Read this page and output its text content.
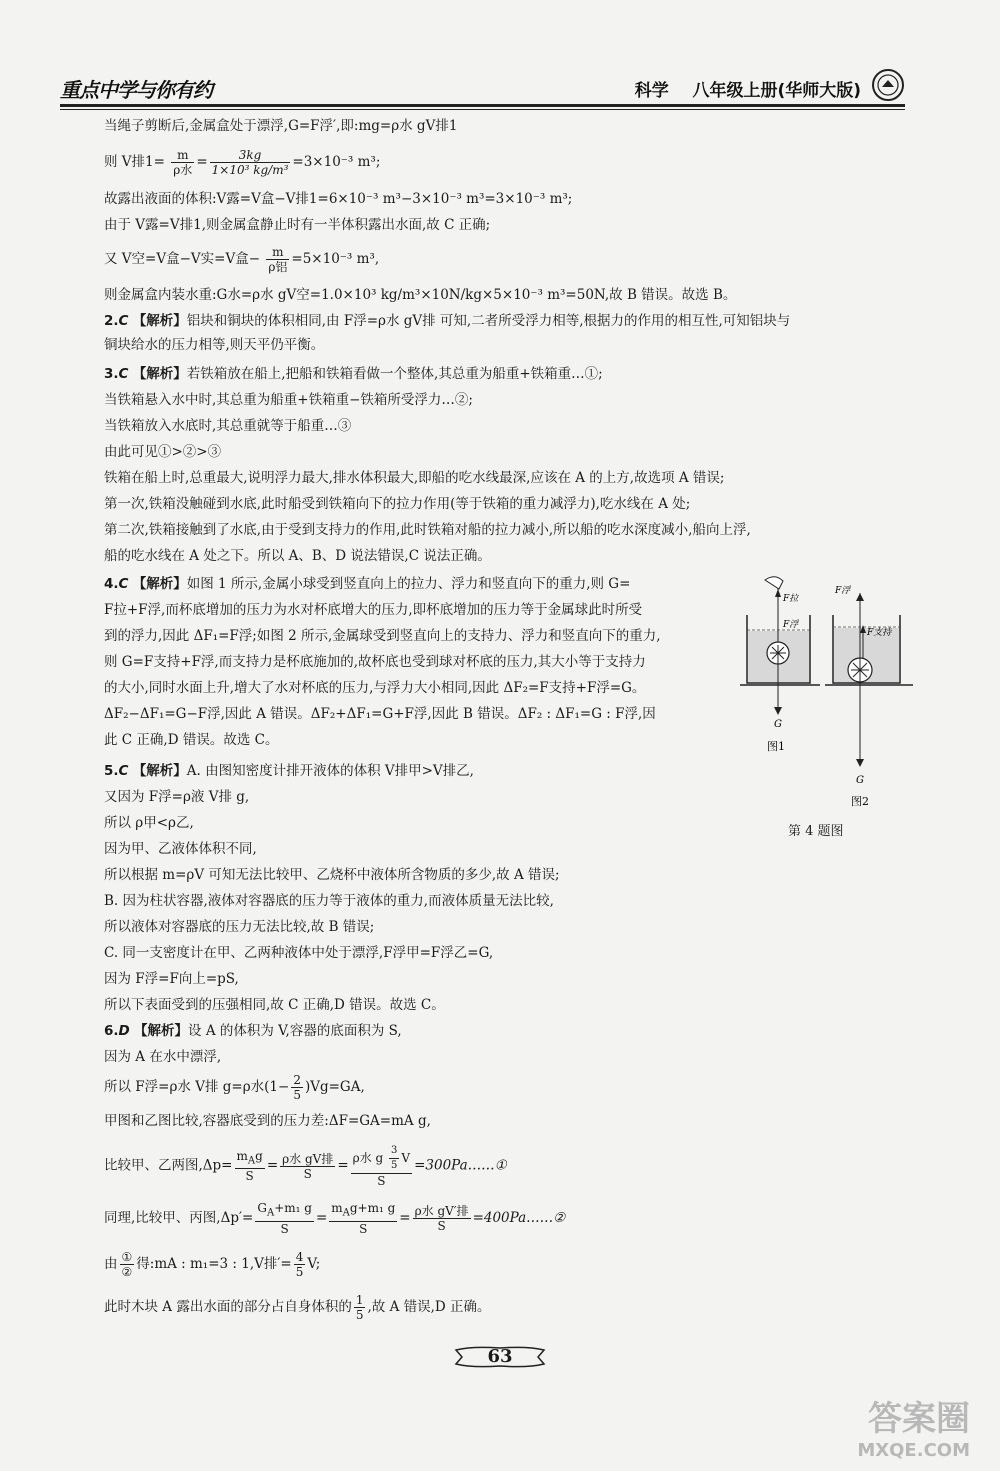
重点中学与你有约	科学 八年级上册(华师大版)
当绳子剪断后,金属盒处于漂浮,G=F浮′,即:mg=ρ水 gV排1
则 V排$1= \frac{m}{\text{ρ水}} = \frac{3kg}{\text{1×10³ kg/m³}} =3\times 10^{-3}$ m³;
故露出液面的体积:V露=V盒−V排1=6×10⁻³ m³−3×10⁻³ m³=3×10⁻³ m³;
由于 V露=V排1,则金属盒静止时有一半体积露出水面,故 C 正确;
又 V空=V盒−V实=V盒− $\frac{m}{\text{ρ铝}} =5\times 10^{-3}$ m³,
则金属盒内装水重:G水=ρ水 gV空=1.0×10³ kg/m³×10N/kg×5×10⁻³ m³=50N,故 B 错误。故选 B。
2.C 【解析】铝块和铜块的体积相同,由 F浮=ρ水 gV排 可知,二者所受浮力相等,根据力的作用的相互性,可知铝块与
铜块给水的压力相等,则天平仍平衡。
3.C 【解析】若铁箱放在船上,把船和铁箱看做一个整体,其总重为船重+铁箱重…①;
当铁箱悬入水中时,其总重为船重+铁箱重−铁箱所受浮力…②;
当铁箱放入水底时,其总重就等于船重…③
由此可见①>②>③
铁箱在船上时,总重最大,说明浮力最大,排水体积最大,即船的吃水线最深,应该在 A 的上方,故选项 A 错误;
第一次,铁箱没触碰到水底,此时船受到铁箱向下的拉力作用(等于铁箱的重力减浮力),吃水线在 A 处;
第二次,铁箱接触到了水底,由于受到支持力的作用,此时铁箱对船的拉力减小,所以船的吃水深度减小,船向上浮,
船的吃水线在 A 处之下。所以 A、B、D 说法错误,C 说法正确。
4.C 【解析】如图 1 所示,金属小球受到竖直向上的拉力、浮力和竖直向下的重力,则 G=
F拉+F浮,而杯底增加的压力为水对杯底增大的压力,即杯底增加的压力等于金属球此时所受
到的浮力,因此 ΔF₁=F浮;如图 2 所示,金属球受到竖直向上的支持力、浮力和竖直向下的重力,
则 G=F支持+F浮,而支持力是杯底施加的,故杯底也受到球对杯底的压力,其大小等于支持力
的大小,同时水面上升,增大了水对杯底的压力,与浮力大小相同,因此 ΔF₂=F支持+F浮=G。
ΔF₂−ΔF₁=G−F浮,因此 A 错误。ΔF₂+ΔF₁=G+F浮,因此 B 错误。ΔF₂ : ΔF₁=G : F浮,因
此 C 正确,D 错误。故选 C。
F拉
F浮
F浮
F支持
G
图1
G
图2
第 4 题图
5.C 【解析】A. 由图知密度计排开液体的体积 V排甲>V排乙,
又因为 F浮=ρ液 V排 g,
所以 ρ甲<ρ乙,
因为甲、乙液体体积不同,
所以根据 m=ρV 可知无法比较甲、乙烧杯中液体所含物质的多少,故 A 错误;
B. 因为柱状容器,液体对容器底的压力等于液体的重力,而液体质量无法比较,
所以液体对容器底的压力无法比较,故 B 错误;
C. 同一支密度计在甲、乙两种液体中处于漂浮,F浮甲=F浮乙=G,
因为 F浮=F向上=pS,
所以下表面受到的压强相同,故 C 正确,D 错误。故选 C。
6.D 【解析】设 A 的体积为 V,容器的底面积为 S,
因为 A 在水中漂浮,
所以 F浮=ρ水 V排 g=ρ水$(1- \frac{2}{5} )Vg=GA$,
甲图和乙图比较,容器底受到的压力差:ΔF=GA=mA g,
比较甲、乙两图$,\Delta p= \frac{m_Ag}{S} = \frac{\text{ρ水 gV排}}{S} = \frac{\rho 水 g \frac{3}{5} V}{S}$ =300Pa……①
同理,比较甲、丙图$,\Delta p'= \frac{G_A+m_1 g}{S} = \frac{m_Ag+m_1 g}{S} = \frac{\text{ρ水 gV′排}}{S}$ =400Pa……②
由 $\frac{\text{①}}{\text{②}}$ 得:mA : m₁=3 : 1,V排′= $\frac{4}{5} V$;
此时木块 A 露出水面的部分占自身体积的 $\frac{1}{5}$ ,故 A 错误,D 正确。
63
答案圈
MXQE.COM
